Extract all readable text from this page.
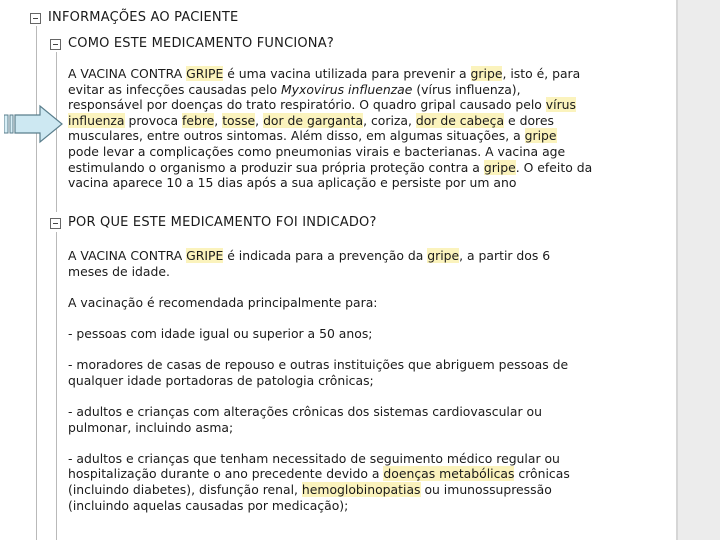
INFORMAÇÕES AO PACIENTE
COMO ESTE MEDICAMENTO FUNCIONA?
A VACINA CONTRA GRIPE é uma vacina utilizada para prevenir a gripe, isto é, para
evitar as infecções causadas pelo Myxovirus influenzae (vírus influenza),
responsável por doenças do trato respiratório. O quadro gripal causado pelo vírus
influenza provoca febre, tosse, dor de garganta, coriza, dor de cabeça e dores
musculares, entre outros sintomas. Além disso, em algumas situações, a gripe
pode levar a complicações como pneumonias virais e bacterianas. A vacina age
estimulando o organismo a produzir sua própria proteção contra a gripe. O efeito da
vacina aparece 10 a 15 dias após a sua aplicação e persiste por um ano
POR QUE ESTE MEDICAMENTO FOI INDICADO?
A VACINA CONTRA GRIPE é indicada para a prevenção da gripe, a partir dos 6
meses de idade.
A vacinação é recomendada principalmente para:
- pessoas com idade igual ou superior a 50 anos;
- moradores de casas de repouso e outras instituições que abriguem pessoas de
qualquer idade portadoras de patologia crônicas;
- adultos e crianças com alterações crônicas dos sistemas cardiovascular ou
pulmonar, incluindo asma;
- adultos e crianças que tenham necessitado de seguimento médico regular ou
hospitalização durante o ano precedente devido a doenças metabólicas crônicas
(incluindo diabetes), disfunção renal, hemoglobinopatias ou imunossupressão
(incluindo aquelas causadas por medicação);
